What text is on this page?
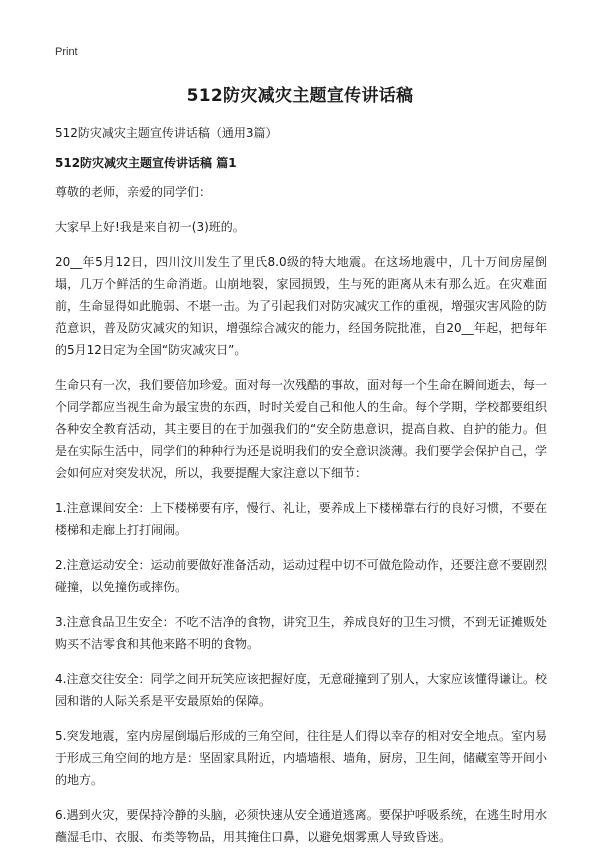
Print
512防灾减灾主题宣传讲话稿
512防灾减灾主题宣传讲话稿（通用3篇）
512防灾减灾主题宣传讲话稿 篇1

尊敬的老师，亲爱的同学们：

大家早上好!我是来自初一(3)班的。

20__年5月12日，四川汶川发生了里氏8.0级的特大地震。在这场地震中，几十万间房屋倒塌，几万个鲜活的生命消逝。山崩地裂，家园损毁，生与死的距离从未有那么近。在灾难面前，生命显得如此脆弱、不堪一击。为了引起我们对防灾减灾工作的重视，增强灾害风险的防范意识，普及防灾减灾的知识，增强综合减灾的能力，经国务院批准，自20__年起，把每年的5月12日定为全国“防灾减灾日”。

生命只有一次，我们要倍加珍爱。面对每一次残酷的事故，面对每一个生命在瞬间逝去，每一个同学都应当视生命为最宝贵的东西，时时关爱自己和他人的生命。每个学期，学校都要组织各种安全教育活动，其主要目的在于加强我们的“安全防患意识，提高自救、自护的能力。但是在实际生活中，同学们的种种行为还是说明我们的安全意识淡薄。我们要学会保护自己，学会如何应对突发状况，所以，我要提醒大家注意以下细节：

1.注意课间安全：上下楼梯要有序，慢行、礼让，要养成上下楼梯靠右行的良好习惯，不要在楼梯和走廊上打打闹闹。

2.注意运动安全：运动前要做好准备活动，运动过程中切不可做危险动作，还要注意不要剧烈碰撞，以免撞伤或摔伤。

3.注意食品卫生安全：不吃不洁净的食物，讲究卫生，养成良好的卫生习惯，不到无证摊贩处购买不洁零食和其他来路不明的食物。

4.注意交往安全：同学之间开玩笑应该把握好度，无意碰撞到了别人，大家应该懂得谦让。校园和谐的人际关系是平安最原始的保障。

5.突发地震，室内房屋倒塌后形成的三角空间，往往是人们得以幸存的相对安全地点。室内易于形成三角空间的地方是：坚固家具附近，内墙墙根、墙角，厨房，卫生间，储藏室等开间小的地方。

6.遇到火灾，要保持冷静的头脑，必须快速从安全通道逃离。要保护呼吸系统，在逃生时用水蘸湿毛巾、衣服、布类等物品，用其掩住口鼻，以避免烟雾熏人导致昏迷。
